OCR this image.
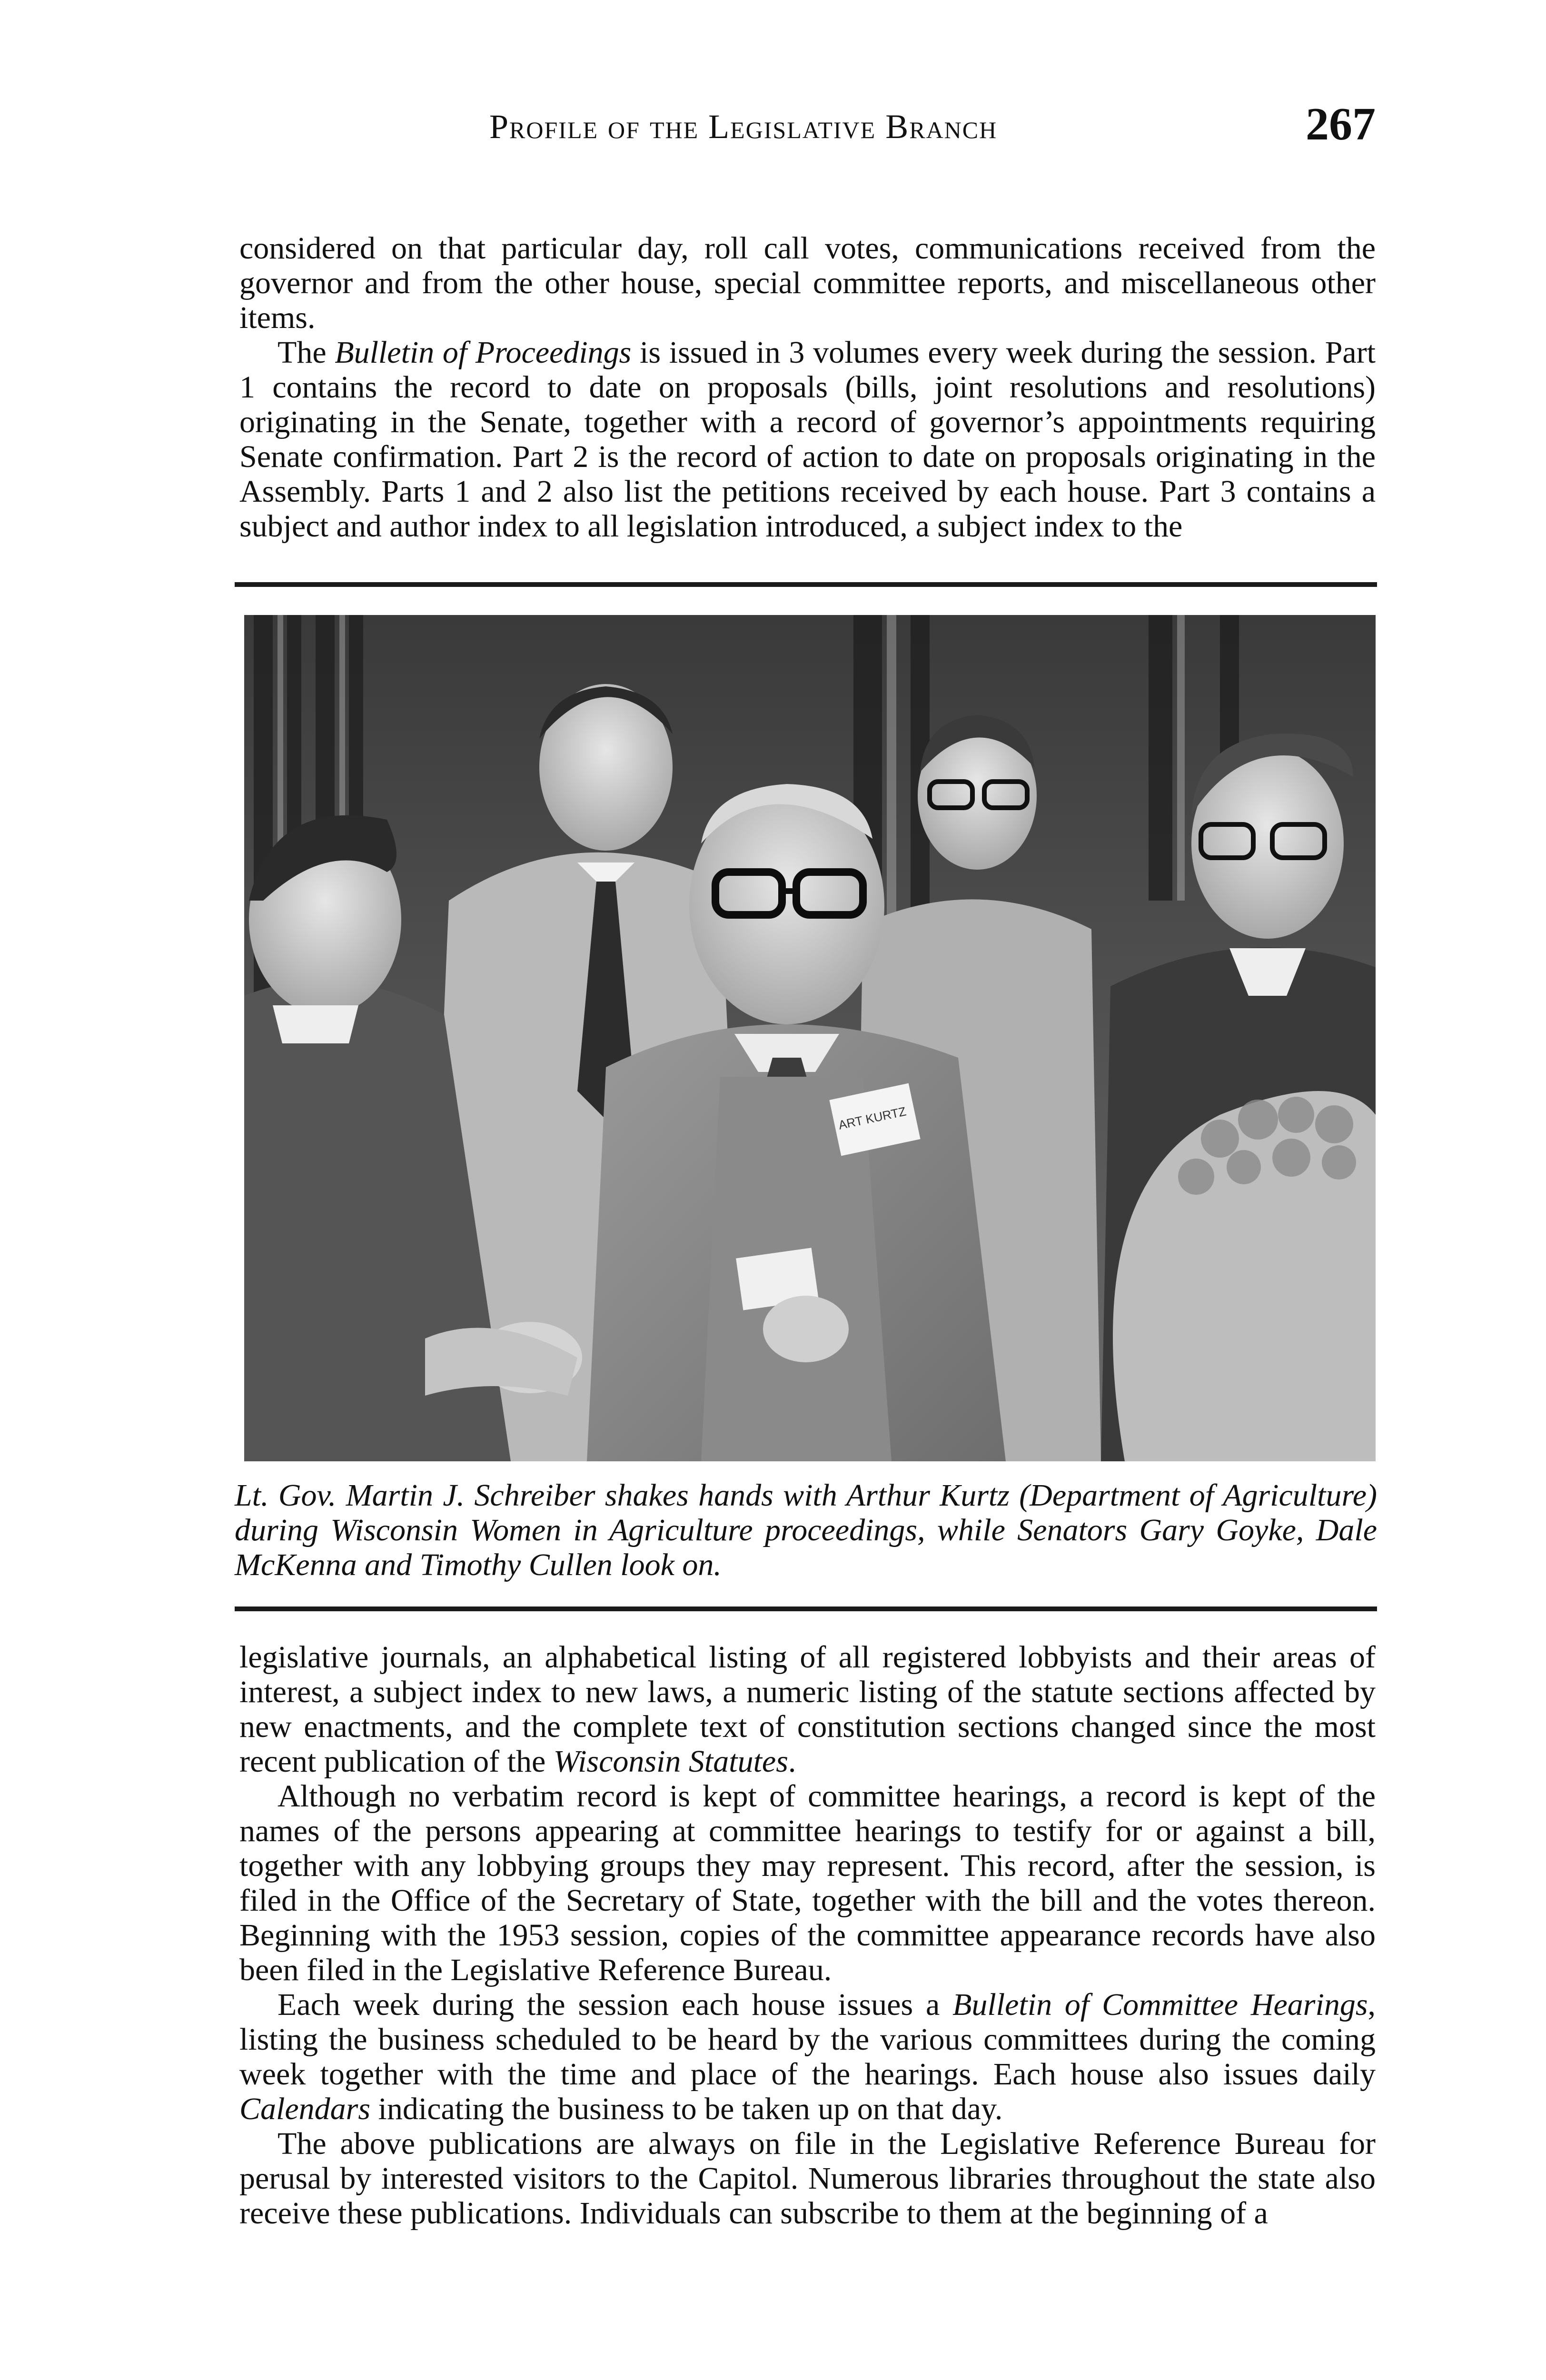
Profile of the Legislative Branch	267

considered on that particular day, roll call votes, communications received from the governor and from the other house, special committee reports, and miscellaneous other items.

The Bulletin of Proceedings is issued in 3 volumes every week during the session. Part 1 contains the record to date on proposals (bills, joint resolutions and resolutions) originating in the Senate, together with a record of governor’s appointments requiring Senate confirmation. Part 2 is the record of action to date on proposals originating in the Assembly. Parts 1 and 2 also list the petitions received by each house. Part 3 contains a subject and author index to all legislation introduced, a subject index to the

ART KURTZ

Lt. Gov. Martin J. Schreiber shakes hands with Arthur Kurtz (Department of Agriculture) during Wisconsin Women in Agriculture proceedings, while Senators Gary Goyke, Dale McKenna and Timothy Cullen look on.

legislative journals, an alphabetical listing of all registered lobbyists and their areas of interest, a subject index to new laws, a numeric listing of the statute sections affected by new enactments, and the complete text of constitution sections changed since the most recent publication of the Wisconsin Statutes.

Although no verbatim record is kept of committee hearings, a record is kept of the names of the persons appearing at committee hearings to testify for or against a bill, together with any lobbying groups they may represent. This record, after the session, is filed in the Office of the Secretary of State, together with the bill and the votes thereon. Beginning with the 1953 session, copies of the committee appearance records have also been filed in the Legislative Reference Bureau.

Each week during the session each house issues a Bulletin of Committee Hearings, listing the business scheduled to be heard by the various committees during the coming week together with the time and place of the hearings. Each house also issues daily Calendars indicating the business to be taken up on that day.

The above publications are always on file in the Legislative Reference Bureau for perusal by interested visitors to the Capitol. Numerous libraries throughout the state also receive these publications. Individuals can subscribe to them at the beginning of a
